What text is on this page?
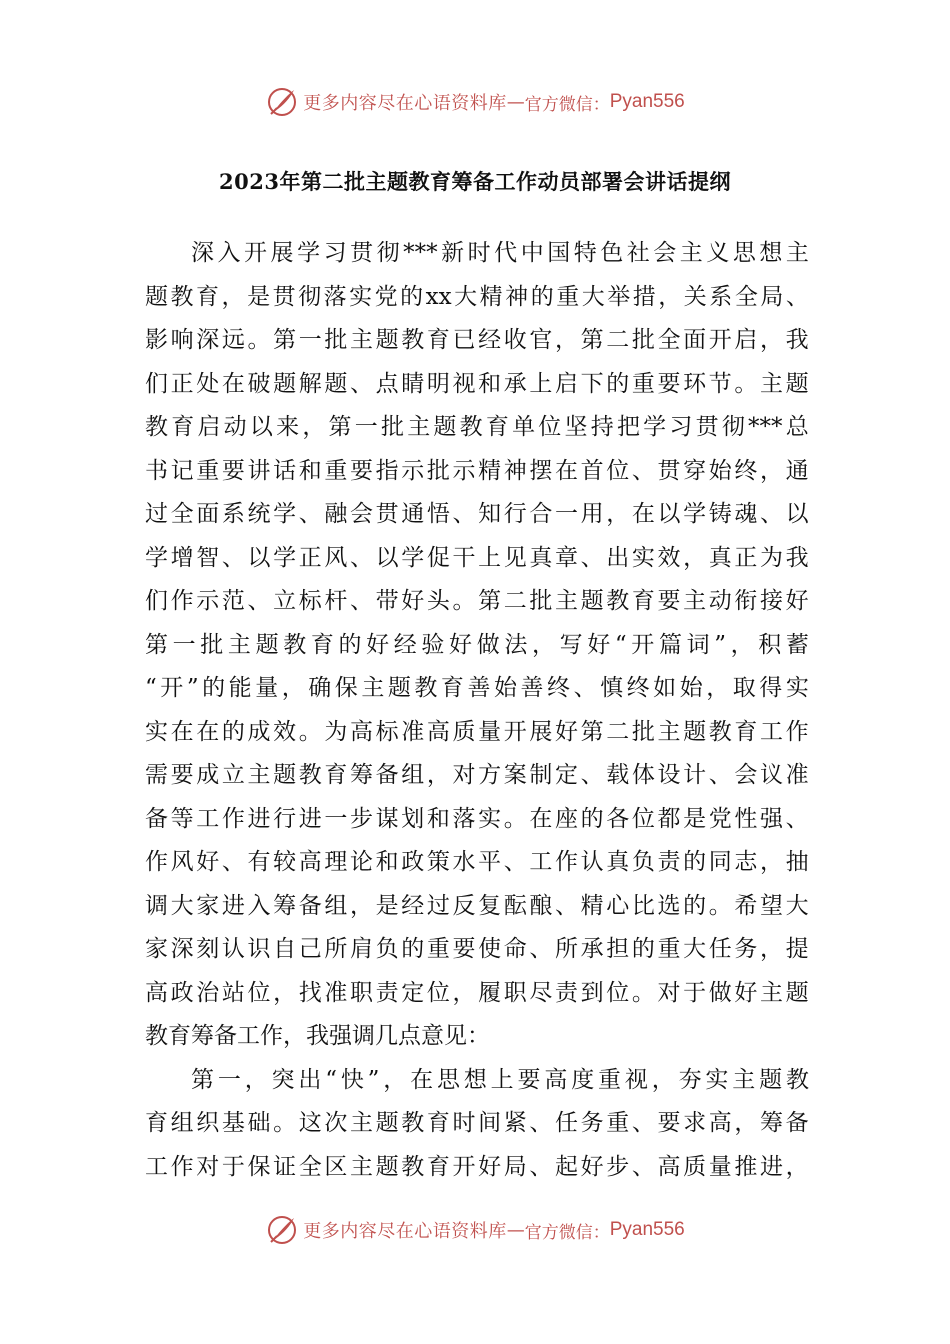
更多内容尽在心语资料库 — 官方微信： Pyan556
2023年第二批主题教育筹备工作动员部署会讲话提纲
深 入 开 展 学 习 贯 彻 *** 新 时 代 中 国 特 色 社 会 主 义 思 想 主
题 教 育 ， 是 贯 彻 落 实 党 的 xx 大 精 神 的 重 大 举 措 ， 关 系 全 局 、
影 响 深 远 。 第 一 批 主 题 教 育 已 经 收 官 ， 第 二 批 全 面 开 启 ， 我
们 正 处 在 破 题 解 题 、 点 睛 明 视 和 承 上 启 下 的 重 要 环 节 。 主 题
教 育 启 动 以 来 ， 第 一 批 主 题 教 育 单 位 坚 持 把 学 习 贯 彻 *** 总
书 记 重 要 讲 话 和 重 要 指 示 批 示 精 神 摆 在 首 位 、 贯 穿 始 终 ， 通
过 全 面 系 统 学 、 融 会 贯 通 悟 、 知 行 合 一 用 ， 在 以 学 铸 魂 、 以
学 增 智 、 以 学 正 风 、 以 学 促 干 上 见 真 章 、 出 实 效 ， 真 正 为 我
们 作 示 范 、 立 标 杆 、 带 好 头 。 第 二 批 主 题 教 育 要 主 动 衔 接 好
第 一 批 主 题 教 育 的 好 经 验 好 做 法 ， 写 好 “ 开 篇 词 ” ， 积 蓄
“ 开 ” 的 能 量 ， 确 保 主 题 教 育 善 始 善 终 、 慎 终 如 始 ， 取 得 实
实 在 在 的 成 效 。 为 高 标 准 高 质 量 开 展 好 第 二 批 主 题 教 育 工 作
需 要 成 立 主 题 教 育 筹 备 组 ， 对 方 案 制 定 、 载 体 设 计 、 会 议 准
备 等 工 作 进 行 进 一 步 谋 划 和 落 实 。 在 座 的 各 位 都 是 党 性 强 、
作 风 好 、 有 较 高 理 论 和 政 策 水 平 、 工 作 认 真 负 责 的 同 志 ， 抽
调 大 家 进 入 筹 备 组 ， 是 经 过 反 复 酝 酿 、 精 心 比 选 的 。 希 望 大
家 深 刻 认 识 自 己 所 肩 负 的 重 要 使 命 、 所 承 担 的 重 大 任 务 ， 提
高 政 治 站 位 ， 找 准 职 责 定 位 ， 履 职 尽 责 到 位 。 对 于 做 好 主 题
教育筹备工作，我强调几点意见：
第 一 ， 突 出 “ 快 ” ， 在 思 想 上 要 高 度 重 视 ， 夯 实 主 题 教
育 组 织 基 础 。 这 次 主 题 教 育 时 间 紧 、 任 务 重 、 要 求 高 ， 筹 备
工 作 对 于 保 证 全 区 主 题 教 育 开 好 局 、 起 好 步 、 高 质 量 推 进 ，
更多内容尽在心语资料库 — 官方微信： Pyan556
